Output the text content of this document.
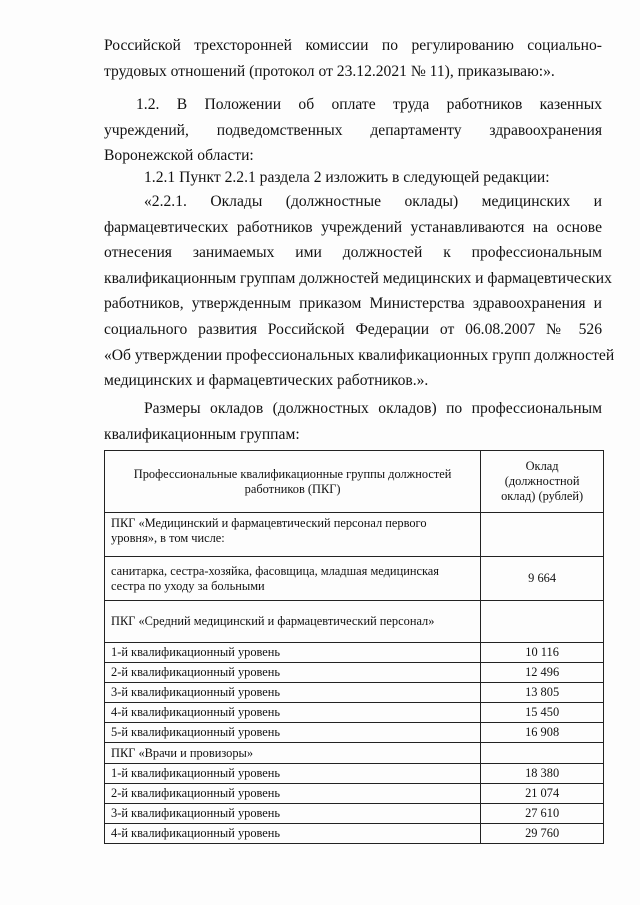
Российской трехсторонней комиссии по регулированию социально-
трудовых отношений (протокол от 23.12.2021 № 11), приказываю:».
1.2. В Положении об оплате труда работников казенных
учреждений, подведомственных департаменту здравоохранения
Воронежской области:
1.2.1 Пункт 2.2.1 раздела 2 изложить в следующей редакции:
«2.2.1. Оклады (должностные оклады) медицинских и
фармацевтических работников учреждений устанавливаются на основе
отнесения занимаемых ими должностей к профессиональным
квалификационным группам должностей медицинских и фармацевтических
работников, утвержденным приказом Министерства здравоохранения и
социального развития Российской Федерации от 06.08.2007 № 526
«Об утверждении профессиональных квалификационных групп должностей
медицинских и фармацевтических работников.».
Размеры окладов (должностных окладов) по профессиональным
квалификационным группам:
Профессиональные квалификационные группы должностей работников (ПКГ)	Оклад (должностной оклад) (рублей)
ПКГ «Медицинский и фармацевтический персонал первого уровня», в том числе:	
санитарка, сестра-хозяйка, фасовщица, младшая медицинская сестра по уходу за больными	9 664
ПКГ «Средний медицинский и фармацевтический персонал»	
1-й квалификационный уровень	10 116
2-й квалификационный уровень	12 496
3-й квалификационный уровень	13 805
4-й квалификационный уровень	15 450
5-й квалификационный уровень	16 908
ПКГ «Врачи и провизоры»	
1-й квалификационный уровень	18 380
2-й квалификационный уровень	21 074
3-й квалификационный уровень	27 610
4-й квалификационный уровень	29 760
